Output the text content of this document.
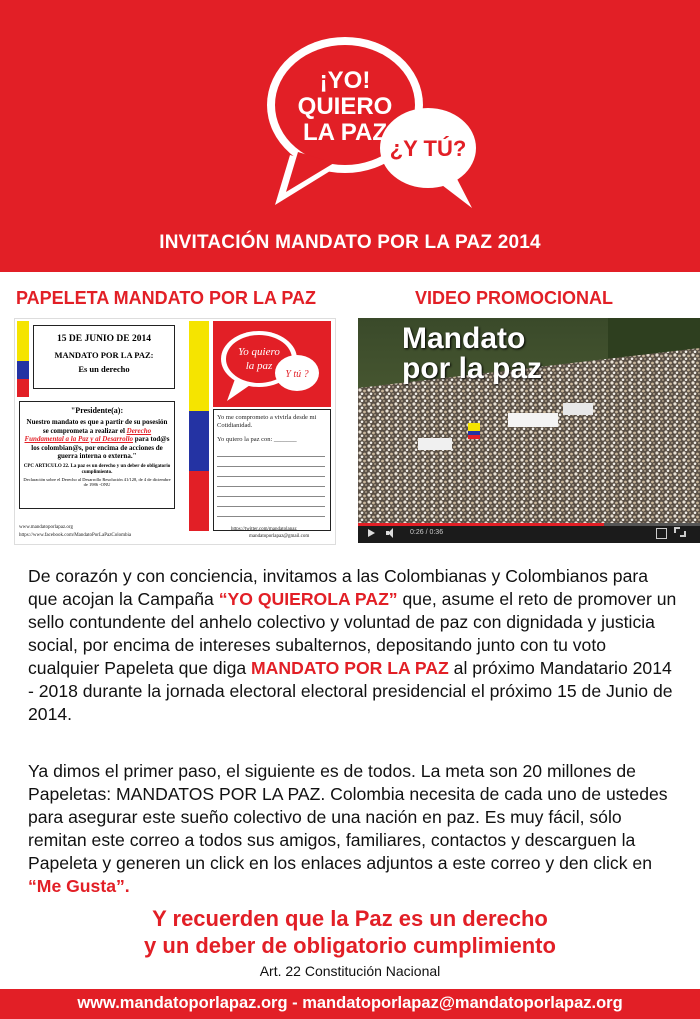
¡YO!
QUIERO
LA PAZ
¿Y TÚ?
INVITACIÓN MANDATO POR LA PAZ 2014
PAPELETA MANDATO POR LA PAZ	VIDEO PROMOCIONAL
15 DE JUNIO DE 2014
MANDATO POR LA PAZ:
Es un derecho
"Presidente(a):
Nuestro mandato es que a partir de su posesión se comprometa a realizar el Derecho Fundamental a la Paz y al Desarrollo para tod@s los colombian@s, por encima de acciones de guerra interna o externa."
CPC ARTICULO 22. La paz es un derecho y un deber de obligatorio cumplimiento.
Declaración sobre el Derecho al Desarrollo Resolución 41/128, de 4 de diciembre de 1986 -ONU
www.mandatoporlapaz.org
https://www.facebook.com/MandatoPorLaPazColombia
Yo quiero
la paz
Y tú ?
Yo me comprometo a vivirla desde mi Cotidianidad.
Yo quiero la paz con: _______
https://twitter.com/mandatolapaz
mandatoporlapaz@gmail.com
Mandato
por la paz
0:26 / 0:36
De corazón y con conciencia, invitamos a las Colombianas y Colombianos para que acojan la Campaña “YO QUIEROLA PAZ” que, asume el reto de promover un sello contundente del anhelo colectivo y voluntad de paz con dignidada y justicia social, por encima de intereses subalternos, depositando junto con tu voto cualquier Papeleta que diga MANDATO POR LA PAZ al próximo Mandatario 2014 - 2018 durante la jornada electoral electoral presidencial el próximo 15 de Junio de 2014.
Ya dimos el primer paso, el siguiente es de todos. La meta son 20 millones de Papeletas: MANDATOS POR LA PAZ. Colombia necesita de cada uno de ustedes para asegurar este sueño colectivo de una nación en paz. Es muy fácil, sólo remitan este correo a todos sus amigos, familiares, contactos y descarguen la Papeleta y generen un click en los enlaces adjuntos a este correo y den click en “Me Gusta”.
Y recuerden que la Paz es un derecho
y un deber de obligatorio cumplimiento
Art. 22 Constitución Nacional
www.mandatoporlapaz.org - mandatoporlapaz@mandatoporlapaz.org
